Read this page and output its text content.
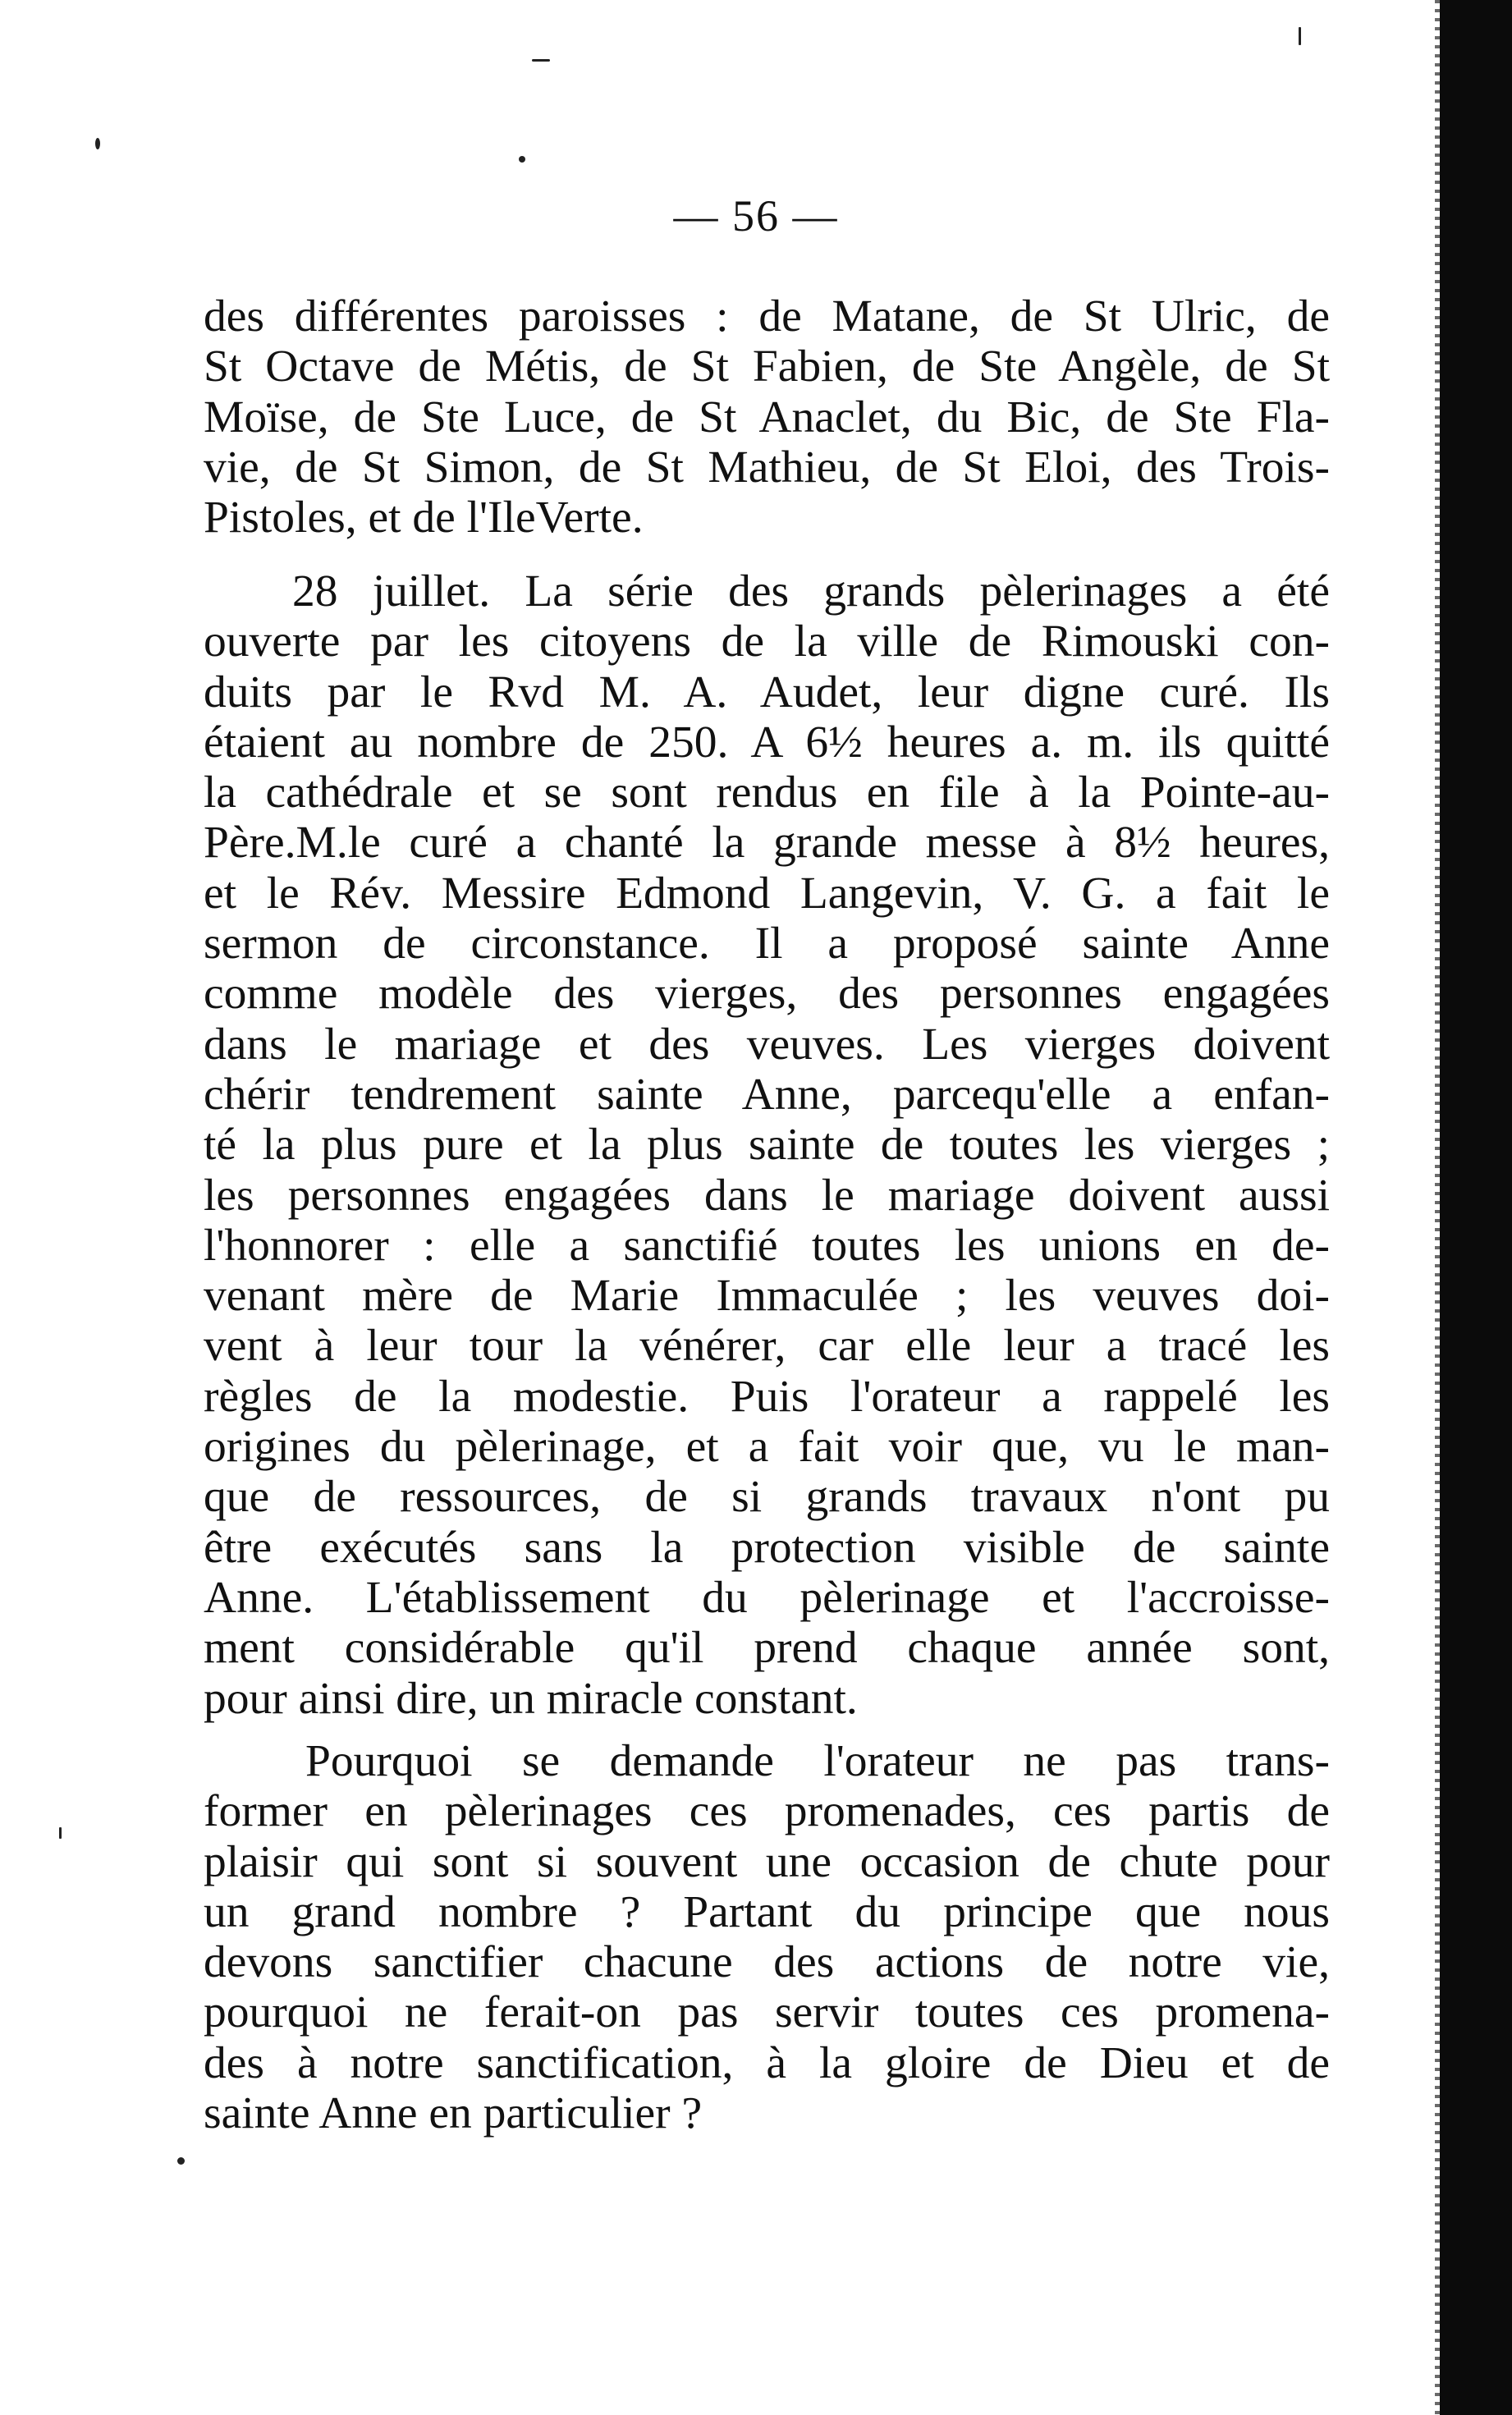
— 56 —
des différentes paroisses : de Matane, de St Ulric, de
St Octave de Métis, de St Fabien, de Ste Angèle, de St
Moïse, de Ste Luce, de St Anaclet, du Bic, de Ste Fla-
vie, de St Simon, de St Mathieu, de St Eloi, des Trois-
Pistoles, et de l'IleVerte.
28 juillet. La série des grands pèlerinages a été
ouverte par les citoyens de la ville de Rimouski con-
duits par le Rvd M. A. Audet, leur digne curé. Ils
étaient au nombre de 250. A 6½ heures a. m. ils quitté
la cathédrale et se sont rendus en file à la Pointe-au-
Père.M.le curé a chanté la grande messe à 8½ heures,
et le Rév. Messire Edmond Langevin, V. G. a fait le
sermon de circonstance. Il a proposé sainte Anne
comme modèle des vierges, des personnes engagées
dans le mariage et des veuves. Les vierges doivent
chérir tendrement sainte Anne, parcequ'elle a enfan-
té la plus pure et la plus sainte de toutes les vierges ;
les personnes engagées dans le mariage doivent aussi
l'honnorer : elle a sanctifié toutes les unions en de-
venant mère de Marie Immaculée ; les veuves doi-
vent à leur tour la vénérer, car elle leur a tracé les
règles de la modestie. Puis l'orateur a rappelé les
origines du pèlerinage, et a fait voir que, vu le man-
que de ressources, de si grands travaux n'ont pu
être exécutés sans la protection visible de sainte
Anne. L'établissement du pèlerinage et l'accroisse-
ment considérable qu'il prend chaque année sont,
pour ainsi dire, un miracle constant.
Pourquoi se demande l'orateur ne pas trans-
former en pèlerinages ces promenades, ces partis de
plaisir qui sont si souvent une occasion de chute pour
un grand nombre ? Partant du principe que nous
devons sanctifier chacune des actions de notre vie,
pourquoi ne ferait-on pas servir toutes ces promena-
des à notre sanctification, à la gloire de Dieu et de
sainte Anne en particulier ?
